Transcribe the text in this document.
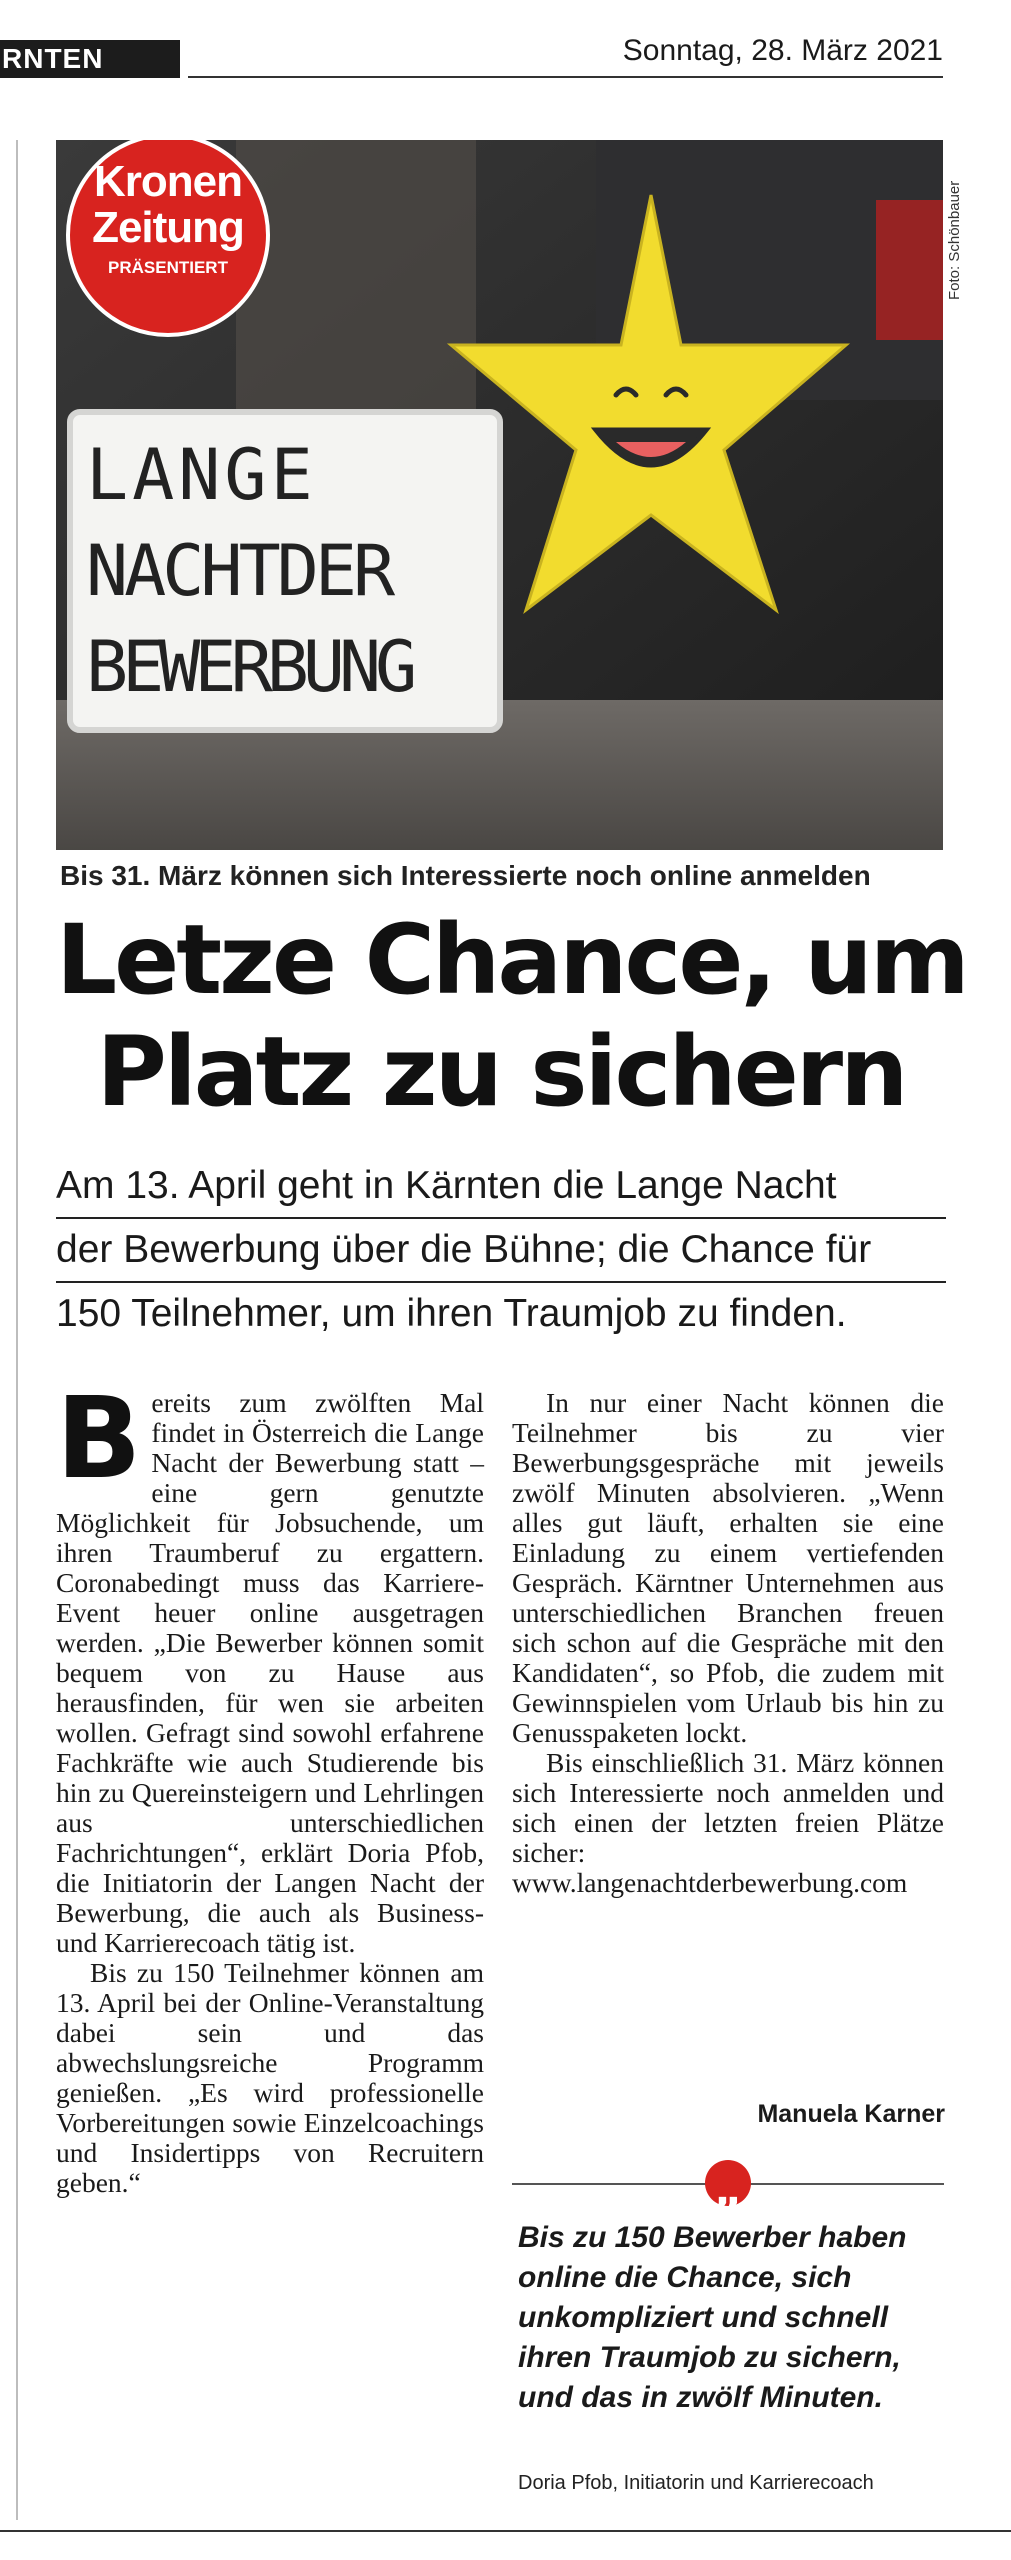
RNTEN	Sonntag, 28. März 2021
Kronen
Zeitung
PRÄSENTIERT
LANGE
NACHTDER
BEWERBUNG
Foto: Schönbauer
Bis 31. März können sich Interessierte noch online anmelden
Letze Chance, um
Platz zu sichern
Am 13. April geht in Kärnten die Lange Nacht
der Bewerbung über die Bühne; die Chance für
150 Teilnehmer, um ihren Traumjob zu finden.
B ereits zum zwölften Mal findet in Österreich die Lange Nacht der Bewerbung statt – eine gern genutzte Möglichkeit für Jobsuchende, um ihren Traumberuf zu ergattern. Coronabedingt muss das Karriere-Event heuer online ausgetragen werden. „Die Bewerber können somit bequem von zu Hause aus herausfinden, für wen sie arbeiten wollen. Gefragt sind sowohl erfahrene Fachkräfte wie auch Studierende bis hin zu Quereinsteigern und Lehrlingen aus unterschiedlichen Fachrichtungen“, erklärt Doria Pfob, die Initiatorin der Langen Nacht der Bewerbung, die auch als Business- und Karrierecoach tätig ist.

Bis zu 150 Teilnehmer können am 13. April bei der Online-Veranstaltung dabei sein und das abwechslungsreiche Programm genießen. „Es wird professionelle Vorbereitungen sowie Einzelcoachings und Insidertipps von Recruitern geben.“

In nur einer Nacht können die Teilnehmer bis zu vier Bewerbungsgespräche mit jeweils zwölf Minuten absolvieren. „Wenn alles gut läuft, erhalten sie eine Einladung zu einem vertiefenden Gespräch. Kärntner Unternehmen aus unterschiedlichen Branchen freuen sich schon auf die Gespräche mit den Kandidaten“, so Pfob, die zudem mit Gewinnspielen vom Urlaub bis hin zu Genusspaketen lockt.

Bis einschließlich 31. März können sich Interessierte noch anmelden und sich einen der letzten freien Plätze sicher: www.langenachtderbewerbung.com

Manuela Karner
„
Bis zu 150 Bewerber haben
online die Chance, sich
unkompliziert und schnell
ihren Traumjob zu sichern,
und das in zwölf Minuten.
Doria Pfob, Initiatorin und Karrierecoach
